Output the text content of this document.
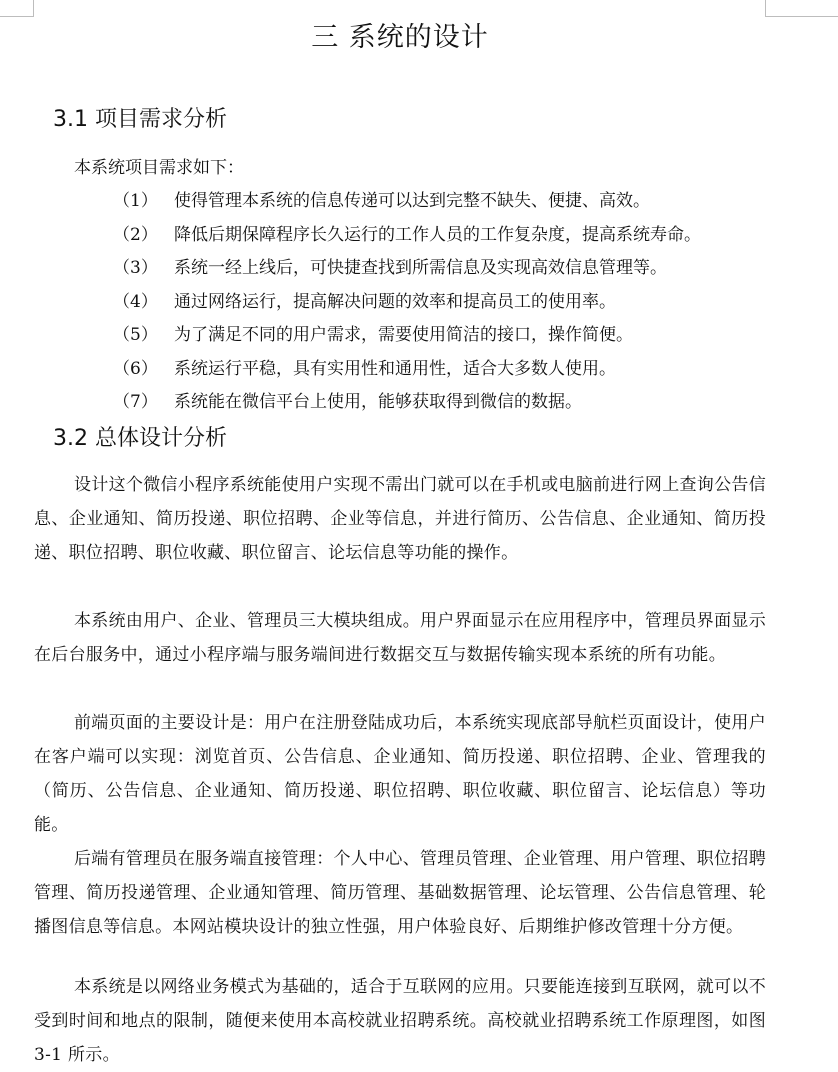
三 系统的设计
3.1 项目需求分析

本系统项目需求如下：

（1） 使得管理本系统的信息传递可以达到完整不缺失、便捷、高效。
（2） 降低后期保障程序长久运行的工作人员的工作复杂度，提高系统寿命。
（3） 系统一经上线后，可快捷查找到所需信息及实现高效信息管理等。
（4） 通过网络运行，提高解决问题的效率和提高员工的使用率。
（5） 为了满足不同的用户需求，需要使用简洁的接口，操作简便。
（6） 系统运行平稳，具有实用性和通用性，适合大多数人使用。
（7） 系统能在微信平台上使用，能够获取得到微信的数据。
3.2 总体设计分析

设计这个微信小程序系统能使用户实现不需出门就可以在手机或电脑前进行网上查询公告信息、企业通知、简历投递、职位招聘、企业等信息，并进行简历、公告信息、企业通知、简历投递、职位招聘、职位收藏、职位留言、论坛信息等功能的操作。

本系统由用户、企业、管理员三大模块组成。用户界面显示在应用程序中，管理员界面显示在后台服务中，通过小程序端与服务端间进行数据交互与数据传输实现本系统的所有功能。

前端页面的主要设计是：用户在注册登陆成功后，本系统实现底部导航栏页面设计，使用户在客户端可以实现：浏览首页、公告信息、企业通知、简历投递、职位招聘、企业、管理我的（简历、公告信息、企业通知、简历投递、职位招聘、职位收藏、职位留言、论坛信息）等功能。

后端有管理员在服务端直接管理：个人中心、管理员管理、企业管理、用户管理、职位招聘管理、简历投递管理、企业通知管理、简历管理、基础数据管理、论坛管理、公告信息管理、轮播图信息等信息。本网站模块设计的独立性强，用户体验良好、后期维护修改管理十分方便。

本系统是以网络业务模式为基础的，适合于互联网的应用。只要能连接到互联网，就可以不受到时间和地点的限制，随便来使用本高校就业招聘系统。高校就业招聘系统工作原理图，如图 3-1 所示。
